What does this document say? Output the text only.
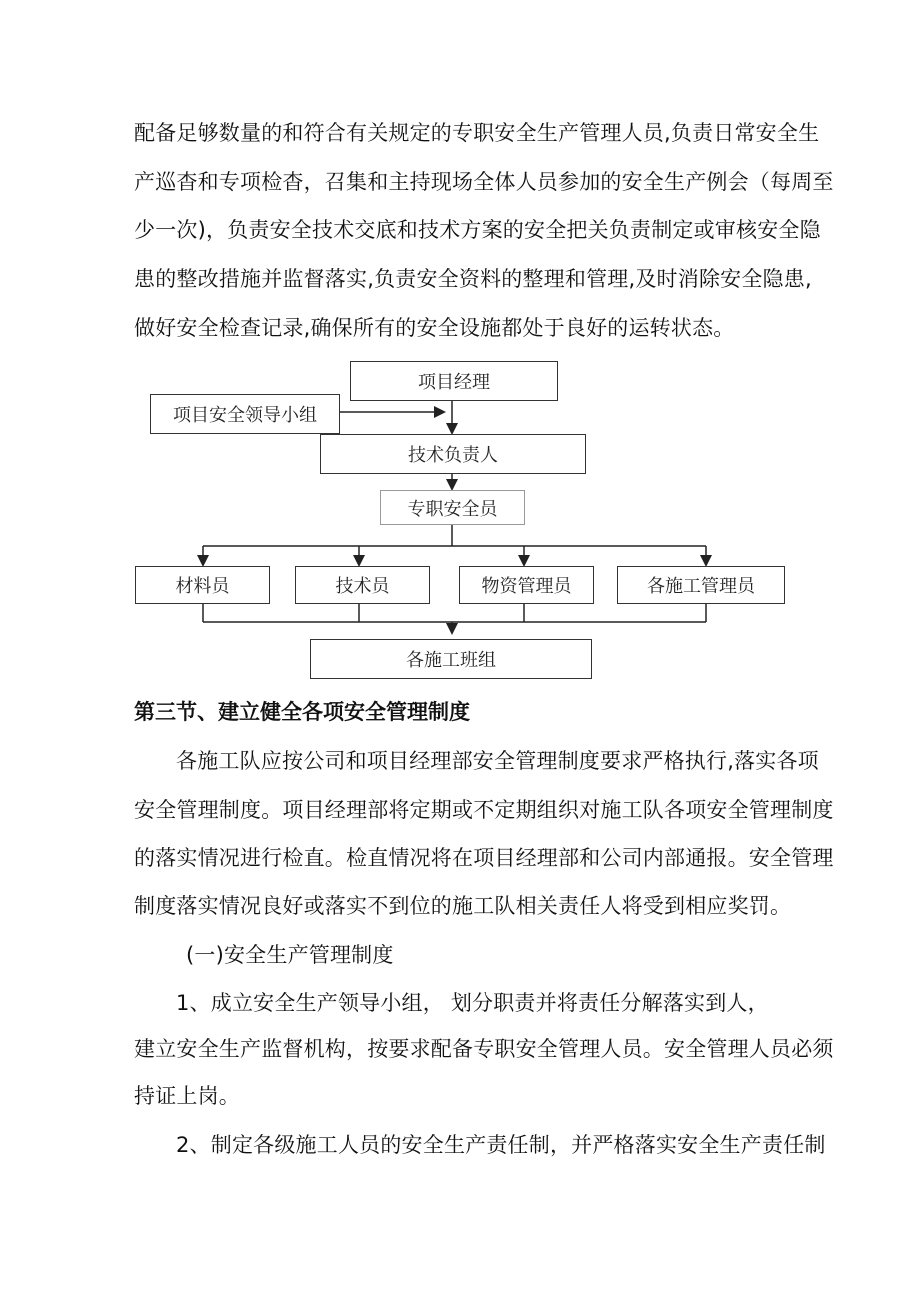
配备足够数量的和符合有关规定的专职安全生产管理人员,负责日常安全生
产巡杳和专项检杳，召集和主持现场全体人员参加的安全生产例会（每周至
少一次)，负责安全技术交底和技术方案的安全把关负责制定或审核安全隐
患的整改措施并监督落实,负责安全资料的整理和管理,及时消除安全隐患,
做好安全检查记录,确保所有的安全设施都处于良好的运转状态。
项目经理
项目安全领导小组
技术负责人
专职安全员
材料员	技术员	物资管理员	各施工管理员
各施工班组
第三节、建立健全各项安全管理制度
各施工队应按公司和项目经理部安全管理制度要求严格执行,落实各项
安全管理制度。项目经理部将定期或不定期组织对施工队各项安全管理制度
的落实情况进行检直。检直情况将在项目经理部和公司内部通报。安全管理
制度落实情况良好或落实不到位的施工队相关责任人将受到相应奖罚。
(一)安全生产管理制度
1、成立安全生产领导小组， 划分职责并将责任分解落实到人，
建立安全生产监督机构，按要求配备专职安全管理人员。安全管理人员必须
持证上岗。
2、制定各级施工人员的安全生产责任制，并严格落实安全生产责任制
